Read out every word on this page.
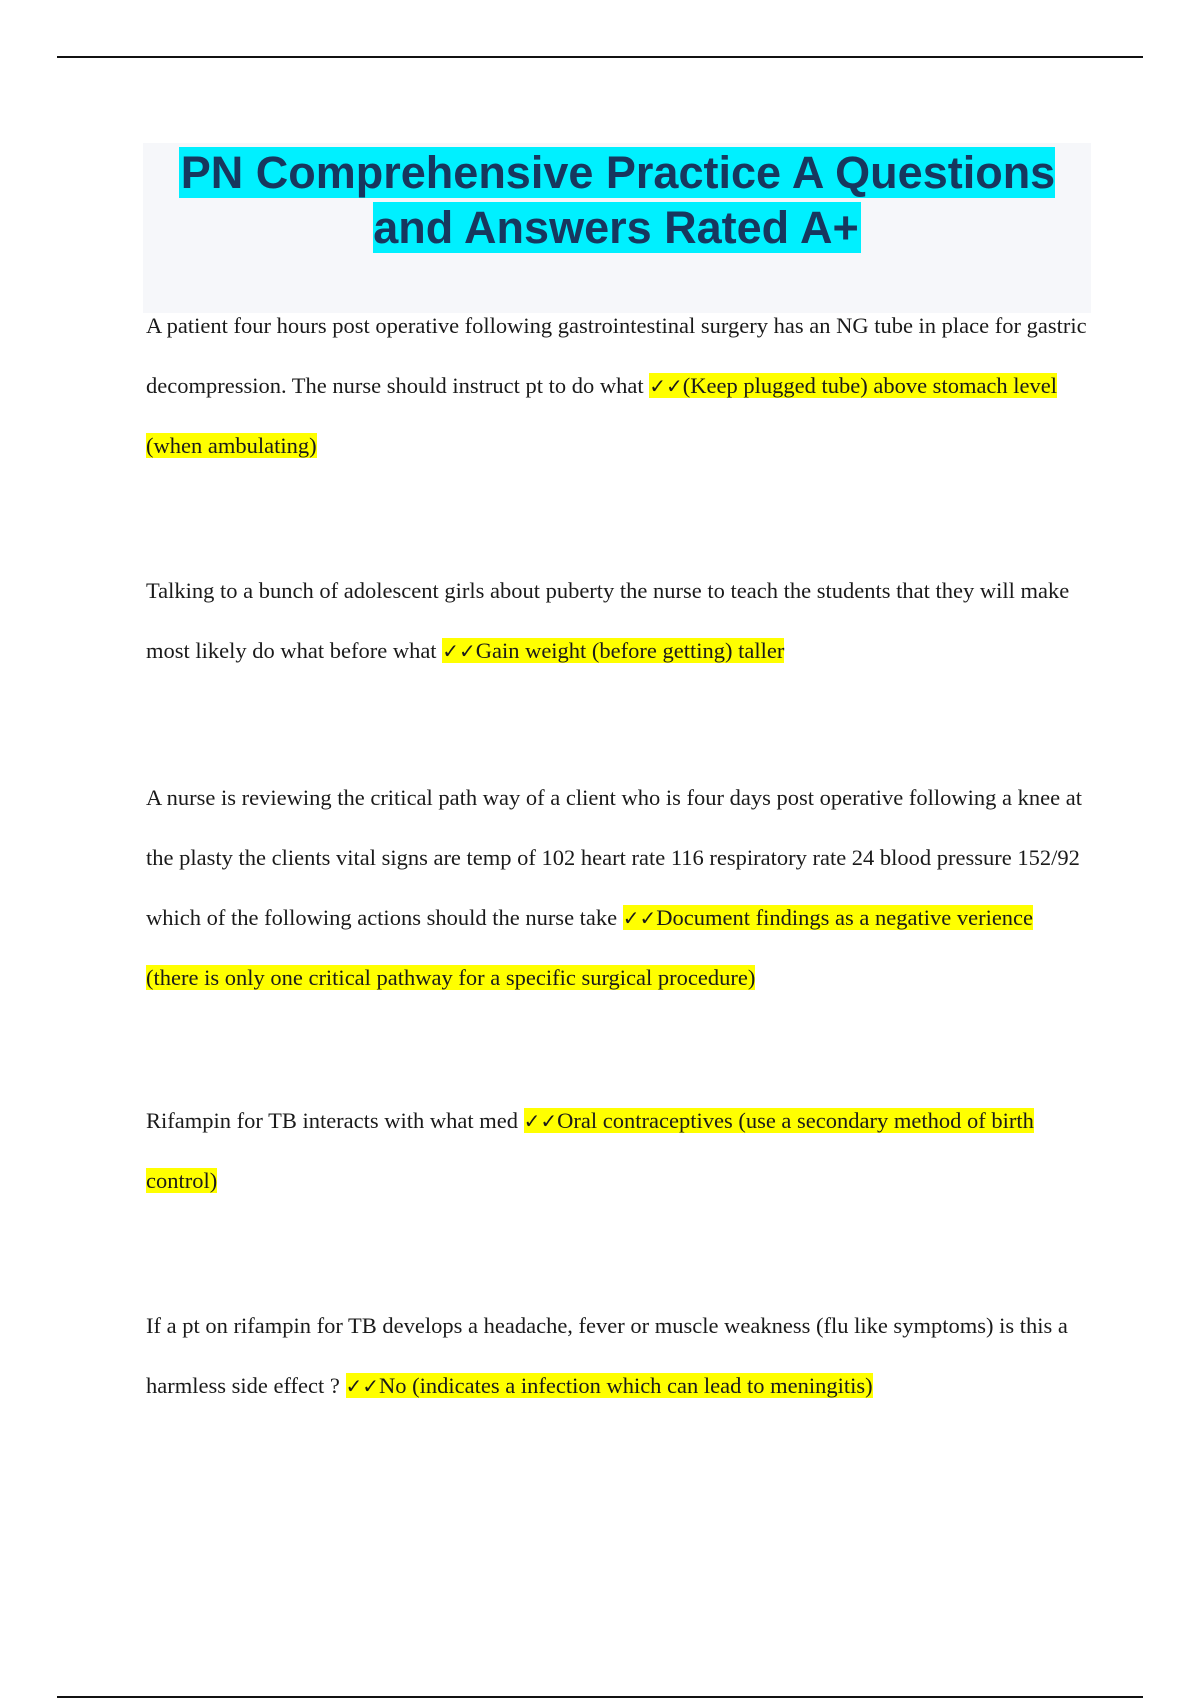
PN Comprehensive Practice A Questions and Answers Rated A+

A patient four hours post operative following gastrointestinal surgery has an NG tube in place for gastric decompression. The nurse should instruct pt to do what ✓✓(Keep plugged tube) above stomach level (when ambulating)

Talking to a bunch of adolescent girls about puberty the nurse to teach the students that they will make most likely do what before what ✓✓Gain weight (before getting) taller

A nurse is reviewing the critical path way of a client who is four days post operative following a knee at the plasty the clients vital signs are temp of 102 heart rate 116 respiratory rate 24 blood pressure 152/92 which of the following actions should the nurse take ✓✓Document findings as a negative verience (there is only one critical pathway for a specific surgical procedure)

Rifampin for TB interacts with what med ✓✓Oral contraceptives (use a secondary method of birth control)

If a pt on rifampin for TB develops a headache, fever or muscle weakness (flu like symptoms) is this a harmless side effect ? ✓✓No (indicates a infection which can lead to meningitis)
